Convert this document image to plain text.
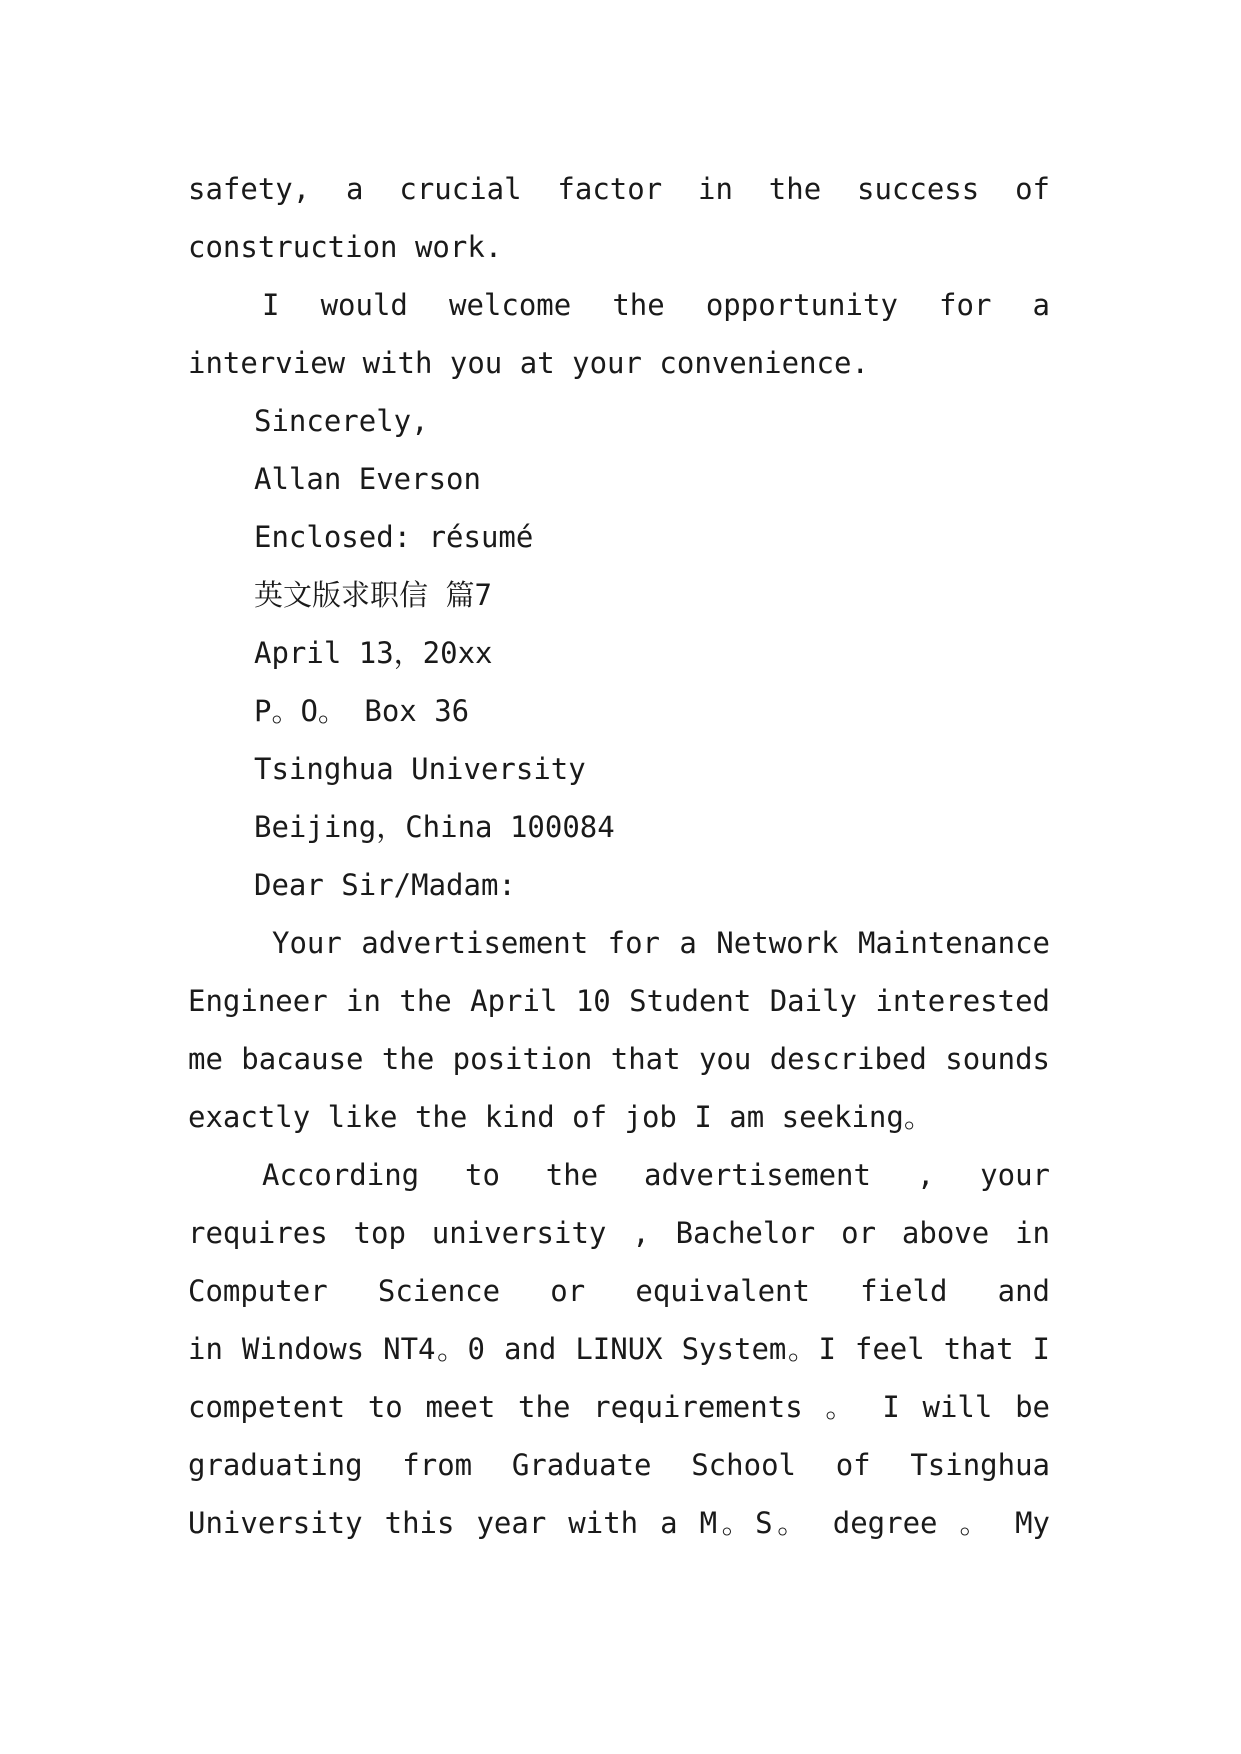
safety, a crucial factor in the success of
construction work.
I would welcome the opportunity for a
interview with you at your convenience.
Sincerely,
Allan Everson
Enclosed: résumé
英文版求职信 篇7
April 13，20xx
P。O。 Box 36
Tsinghua University
Beijing，China 100084
Dear Sir/Madam:
Your advertisement for a Network Maintenance
Engineer in the April 10 Student Daily interested
me bacause the position that you described sounds
exactly like the kind of job I am seeking。
According to the advertisement , your
requires top university , Bachelor or above in
Computer Science or equivalent field and
in Windows NT4。0 and LINUX System。I feel that I
competent to meet the requirements 。 I will be
graduating from Graduate School of Tsinghua
University this year with a M。S。 degree 。 My
